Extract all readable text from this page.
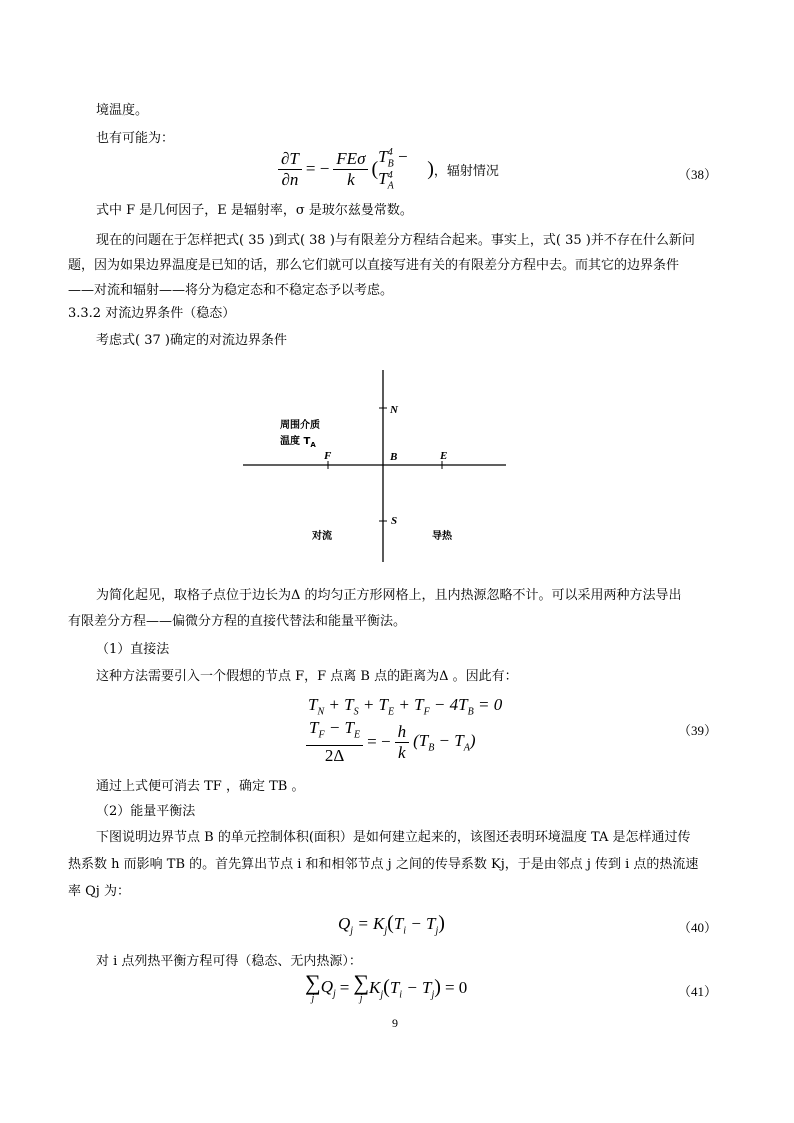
境温度。
也有可能为：
$\frac{\partial T}{\partial n}$ = − $\frac{\text{FEσ}}{k}$ (
$T_B^4 - T_A^4$	) ，辐射情况	（38）
式中 F 是几何因子，E 是辐射率，σ 是玻尔兹曼常数。
现在的问题在于怎样把式( 35 )到式( 38 )与有限差分方程结合起来。事实上，式( 35 )并不存在什么新问
题，因为如果边界温度是已知的话，那么它们就可以直接写进有关的有限差分方程中去。而其它的边界条件
——对流和辐射——将分为稳定态和不稳定态予以考虑。
3.3.2 对流边界条件（稳态）
考虑式( 37 )确定的对流边界条件
周围介质
温度 $T_A$
N
B
F	E
S
对流	导热
为简化起见，取格子点位于边长为Δ 的均匀正方形网格上，且内热源忽略不计。可以采用两种方法导出
有限差分方程——偏微分方程的直接代替法和能量平衡法。
（1）直接法
这种方法需要引入一个假想的节点 F，F 点离 B 点的距离为Δ 。因此有：
$T_N + T_S + T_E + T_F - 4T_B = 0$
$\frac{T_F - T_E}{2\Delta}$ = − $\frac{h}{k} (T_B - T_A)$
（39）
通过上式便可消去 TF ，确定 TB 。
（2）能量平衡法
下图说明边界节点 B 的单元控制体积(面积）是如何建立起来的，该图还表明环境温度 TA 是怎样通过传
热系数 h 而影响 TB 的。首先算出节点 i 和和相邻节点 j 之间的传导系数 Kj，于是由邻点 j 传到 i 点的热流速
率 Qj 为：
$Q_j = K_j(T_i - T_j)$	（40）
对 i 点列热平衡方程可得（稳态、无内热源）：
∑
j
$Q_j$ = ∑
j
$K_j(T_i - T_j) = 0$	（41）
9
